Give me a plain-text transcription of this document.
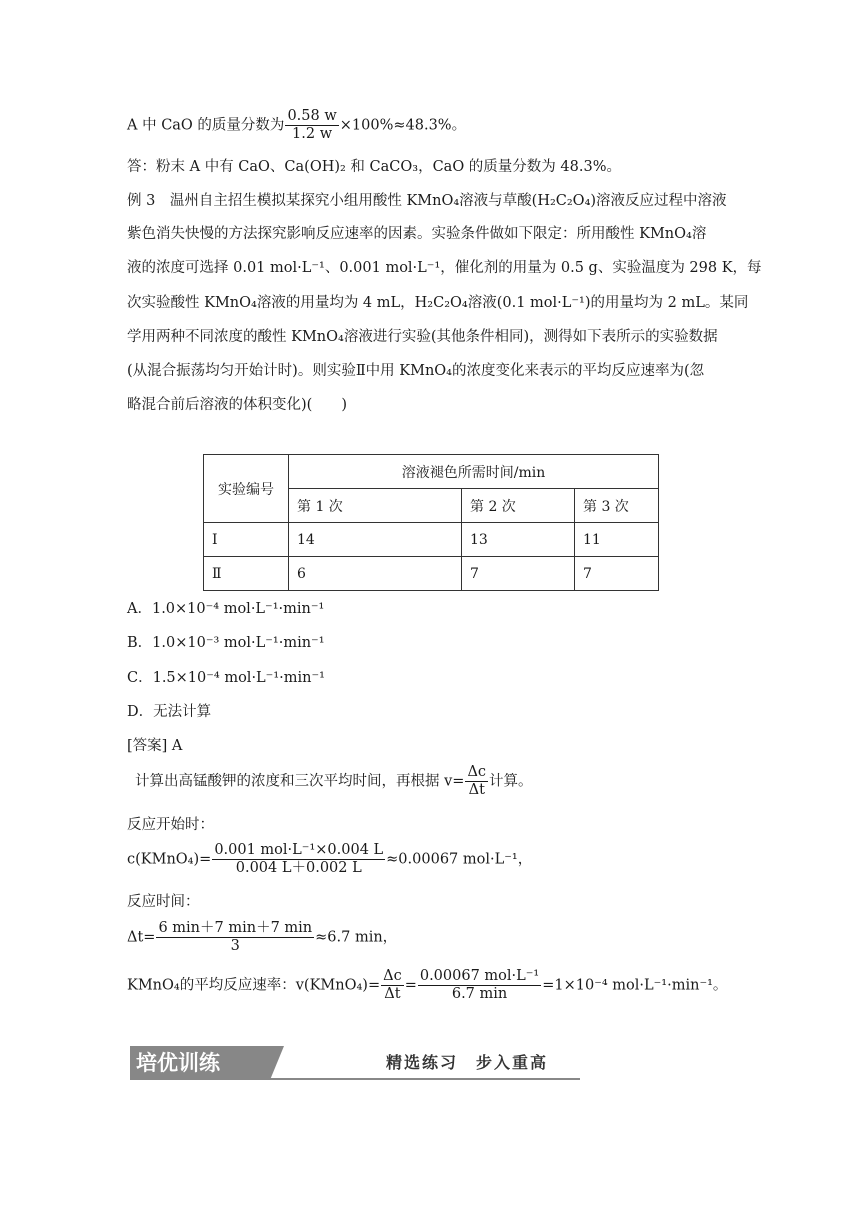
A 中 CaO 的质量分数为 $\frac{0.58 w}{1.2 w} \times 100\%\approx 48.3\%$。
答：粉末 A 中有 CaO、Ca(OH)₂ 和 CaCO₃，CaO 的质量分数为 48.3%。
例 3　温州自主招生模拟某探究小组用酸性 KMnO₄溶液与草酸(H₂C₂O₄)溶液反应过程中溶液
紫色消失快慢的方法探究影响反应速率的因素。实验条件做如下限定：所用酸性 KMnO₄溶
液的浓度可选择 0.01 mol·L⁻¹、0.001 mol·L⁻¹，催化剂的用量为 0.5 g、实验温度为 298 K，每
次实验酸性 KMnO₄溶液的用量均为 4 mL，H₂C₂O₄溶液(0.1 mol·L⁻¹)的用量均为 2 mL。某同
学用两种不同浓度的酸性 KMnO₄溶液进行实验(其他条件相同)，测得如下表所示的实验数据
(从混合振荡均匀开始计时)。则实验Ⅱ中用 KMnO₄的浓度变化来表示的平均反应速率为(忽
略混合前后溶液的体积变化)(　　)
实验编号	溶液褪色所需时间/min		
	第 1 次	第 2 次	第 3 次
Ⅰ	14	13	11
Ⅱ	6	7	7
A．1.0×10⁻⁴ mol·L⁻¹·min⁻¹
B．1.0×10⁻³ mol·L⁻¹·min⁻¹
C．1.5×10⁻⁴ mol·L⁻¹·min⁻¹
D．无法计算
[答案] A
计算出高锰酸钾的浓度和三次平均时间，再根据 $v= \frac{\Delta c}{\Delta t}$ 计算。
反应开始时：
c(KMnO₄)= $\frac{\text{0.001 mol·L⁻¹×0.004 L}}{0.004 L+0.002 L} \approx 0.00067$ mol·L⁻¹，
反应时间：
$\Delta t= \frac{6 \min+7 \min+7 \min}{3} \approx 6.7$ min，
KMnO₄的平均反应速率：v(KMnO₄)= $\frac{\Delta c}{\Delta t} = \frac{\text{0.00067 mol·L⁻¹}}{6.7 \min} =1\times 10^{-4}$ mol·L⁻¹·min⁻¹。
培优训练	精选练习　步入重高
